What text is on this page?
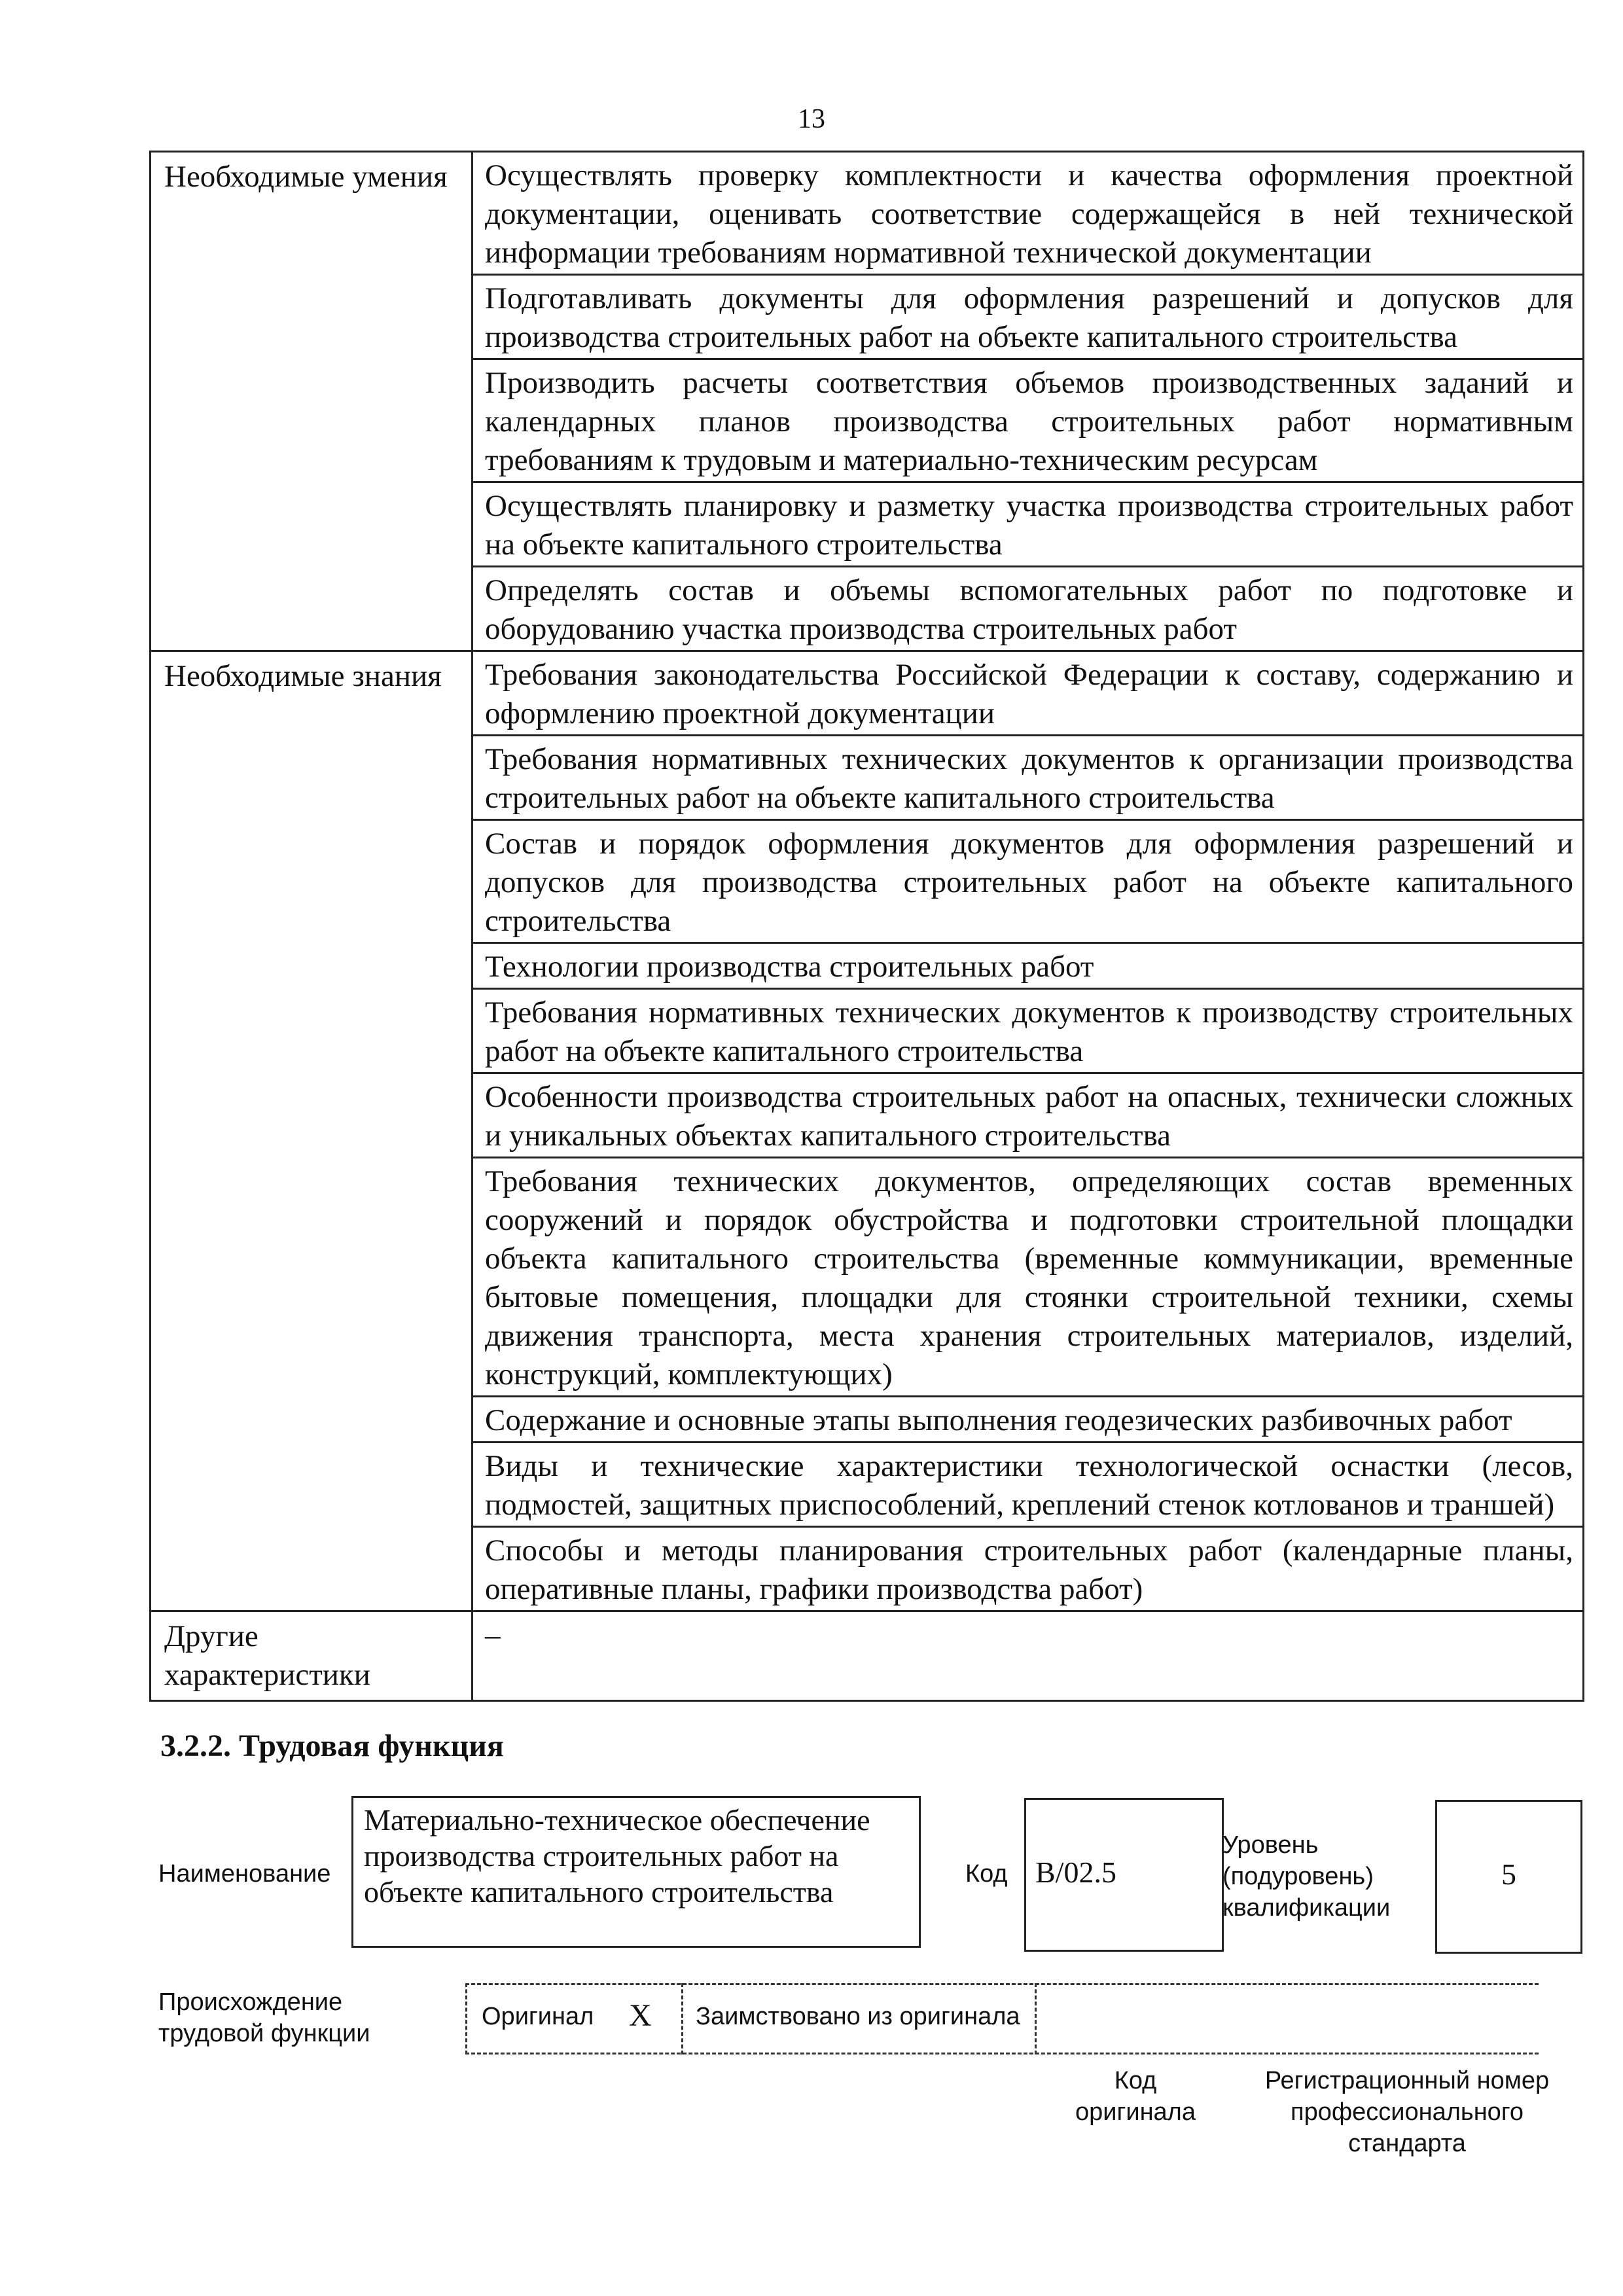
13
Необходимые умения	Осуществлять проверку комплектности и качества оформления проектной документации, оценивать соответствие содержащейся в ней технической информации требованиям нормативной технической документации
	Подготавливать документы для оформления разрешений и допусков для производства строительных работ на объекте капитального строительства
	Производить расчеты соответствия объемов производственных заданий и календарных планов производства строительных работ нормативным требованиям к трудовым и материально-техническим ресурсам
	Осуществлять планировку и разметку участка производства строительных работ на объекте капитального строительства
	Определять состав и объемы вспомогательных работ по подготовке и оборудованию участка производства строительных работ
Необходимые знания	Требования законодательства Российской Федерации к составу, содержанию и оформлению проектной документации
	Требования нормативных технических документов к организации производства строительных работ на объекте капитального строительства
	Состав и порядок оформления документов для оформления разрешений и допусков для производства строительных работ на объекте капитального строительства
	Технологии производства строительных работ
	Требования нормативных технических документов к производству строительных работ на объекте капитального строительства
	Особенности производства строительных работ на опасных, технически сложных и уникальных объектах капитального строительства
	Требования технических документов, определяющих состав временных сооружений и порядок обустройства и подготовки строительной площадки объекта капитального строительства (временные коммуникации, временные бытовые помещения, площадки для стоянки строительной техники, схемы движения транспорта, места хранения строительных материалов, изделий, конструкций, комплектующих)
	Содержание и основные этапы выполнения геодезических разбивочных работ
	Виды и технические характеристики технологической оснастки (лесов, подмостей, защитных приспособлений, креплений стенок котлованов и траншей)
	Способы и методы планирования строительных работ (календарные планы, оперативные планы, графики производства работ)
Другие характеристики	–
3.2.2. Трудовая функция
Наименование
Материально-техническое обеспечение производства строительных работ на объекте капитального строительства
Код B/02.5
Уровень
(подуровень)
квалификации
5
Происхождение
трудовой функции
Оригинал X Заимствовано из оригинала
Код
оригинала
Регистрационный номер
профессионального
стандарта
